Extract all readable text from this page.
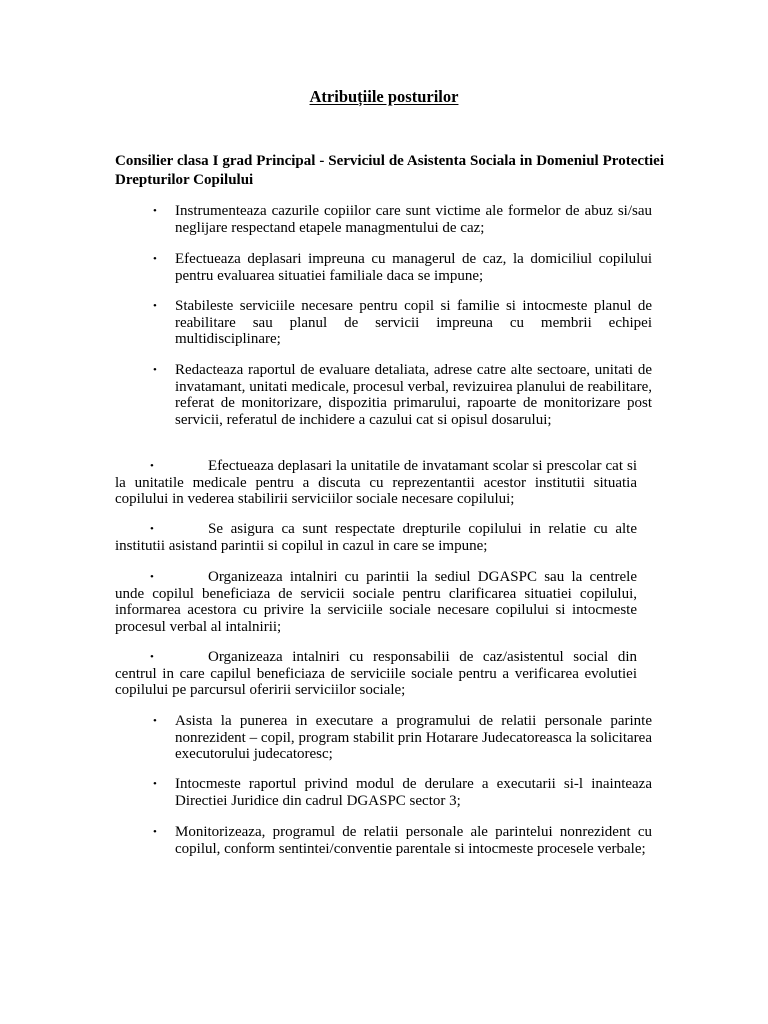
Atribuțiile posturilor
Consilier clasa I grad Principal - Serviciul de Asistenta Sociala in Domeniul Protectiei Drepturilor Copilului
• Instrumenteaza cazurile copiilor care sunt victime ale formelor de abuz si/sau neglijare respectand etapele managmentului de caz;

• Efectueaza deplasari impreuna cu managerul de caz, la domiciliul copilului pentru evaluarea situatiei familiale daca se impune;

• Stabileste serviciile necesare pentru copil si familie si intocmeste planul de reabilitare sau planul de servicii impreuna cu membrii echipei multidisciplinare;

• Redacteaza raportul de evaluare detaliata, adrese catre alte sectoare, unitati de invatamant, unitati medicale, procesul verbal, revizuirea planului de reabilitare, referat de monitorizare, dispozitia primarului, rapoarte de monitorizare post servicii, referatul de inchidere a cazului cat si opisul dosarului;

•	Efectueaza deplasari la unitatile de invatamant scolar si prescolar cat si la unitatile medicale pentru a discuta cu reprezentantii acestor institutii situatia copilului in vederea stabilirii serviciilor sociale necesare copilului;

•	Se asigura ca sunt respectate drepturile copilului in relatie cu alte institutii asistand parintii si copilul in cazul in care se impune;

•	Organizeaza intalniri cu parintii la sediul DGASPC sau la centrele unde copilul beneficiaza de servicii sociale pentru clarificarea situatiei copilului, informarea acestora cu privire la serviciile sociale necesare copilului si intocmeste procesul verbal al intalnirii;

•	Organizeaza intalniri cu responsabilii de caz/asistentul social din centrul in care capilul beneficiaza de serviciile sociale pentru a verificarea evolutiei copilului pe parcursul oferirii serviciilor sociale;

• Asista la punerea in executare a programului de relatii personale parinte nonrezident – copil, program stabilit prin Hotarare Judecatoreasca la solicitarea executorului judecatoresc;

• Intocmeste raportul privind modul de derulare a executarii si-l inainteaza Directiei Juridice din cadrul DGASPC sector 3;

• Monitorizeaza, programul de relatii personale ale parintelui nonrezident cu copilul, conform sentintei/conventie parentale si intocmeste procesele verbale;
